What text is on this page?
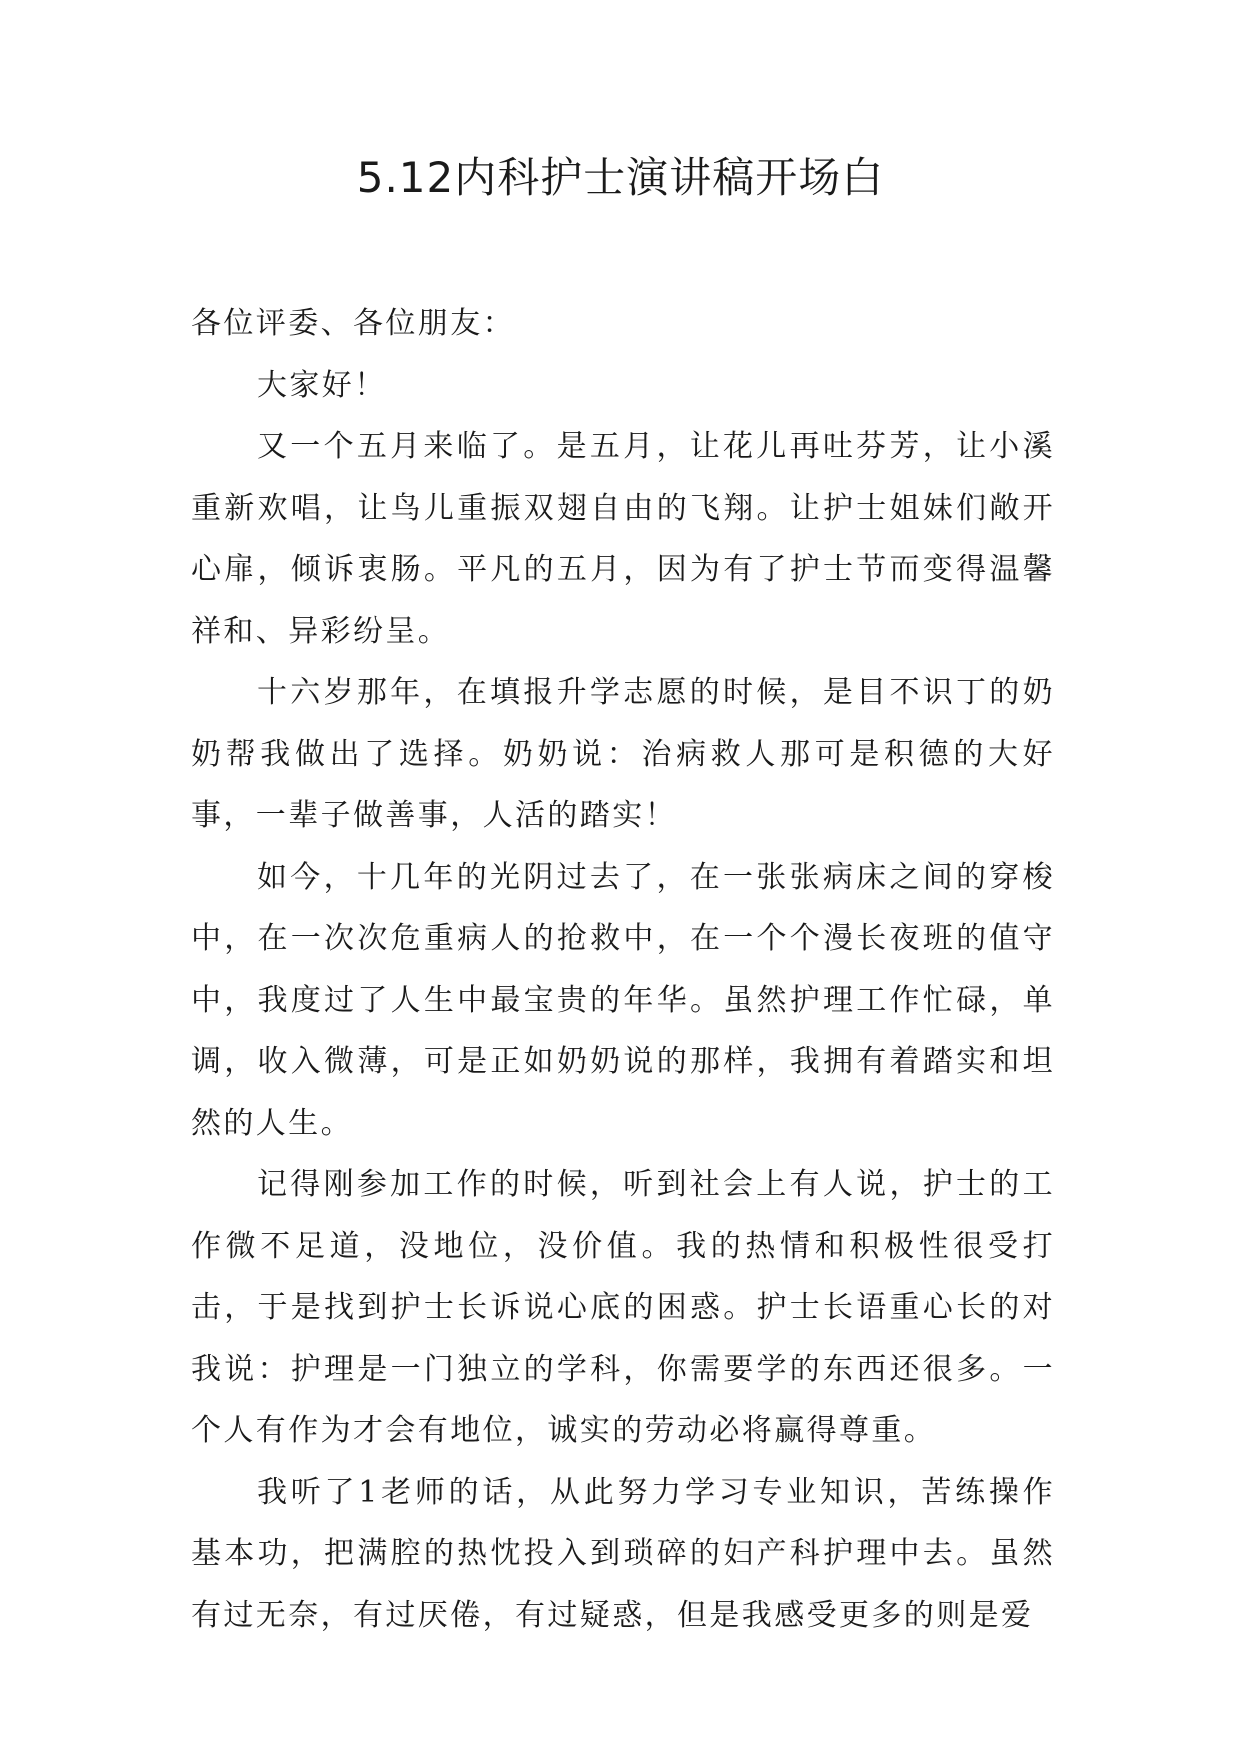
5.12内科护士演讲稿开场白

各位评委、各位朋友：

大家好！

又一个五月来临了。是五月，让花儿再吐芬芳，让小溪重新欢唱，让鸟儿重振双翅自由的飞翔。让护士姐妹们敞开心扉，倾诉衷肠。平凡的五月，因为有了护士节而变得温馨祥和、异彩纷呈。

十六岁那年，在填报升学志愿的时候，是目不识丁的奶奶帮我做出了选择。奶奶说：治病救人那可是积德的大好事，一辈子做善事，人活的踏实！

如今，十几年的光阴过去了，在一张张病床之间的穿梭中，在一次次危重病人的抢救中，在一个个漫长夜班的值守中，我度过了人生中最宝贵的年华。虽然护理工作忙碌，单调，收入微薄，可是正如奶奶说的那样，我拥有着踏实和坦然的人生。

记得刚参加工作的时候，听到社会上有人说，护士的工作微不足道，没地位，没价值。我的热情和积极性很受打击，于是找到护士长诉说心底的困惑。护士长语重心长的对我说：护理是一门独立的学科，你需要学的东西还很多。一个人有作为才会有地位，诚实的劳动必将赢得尊重。

我听了1老师的话，从此努力学习专业知识，苦练操作基本功，把满腔的热忱投入到琐碎的妇产科护理中去。虽然有过无奈，有过厌倦，有过疑惑，但是我感受更多的则是爱
